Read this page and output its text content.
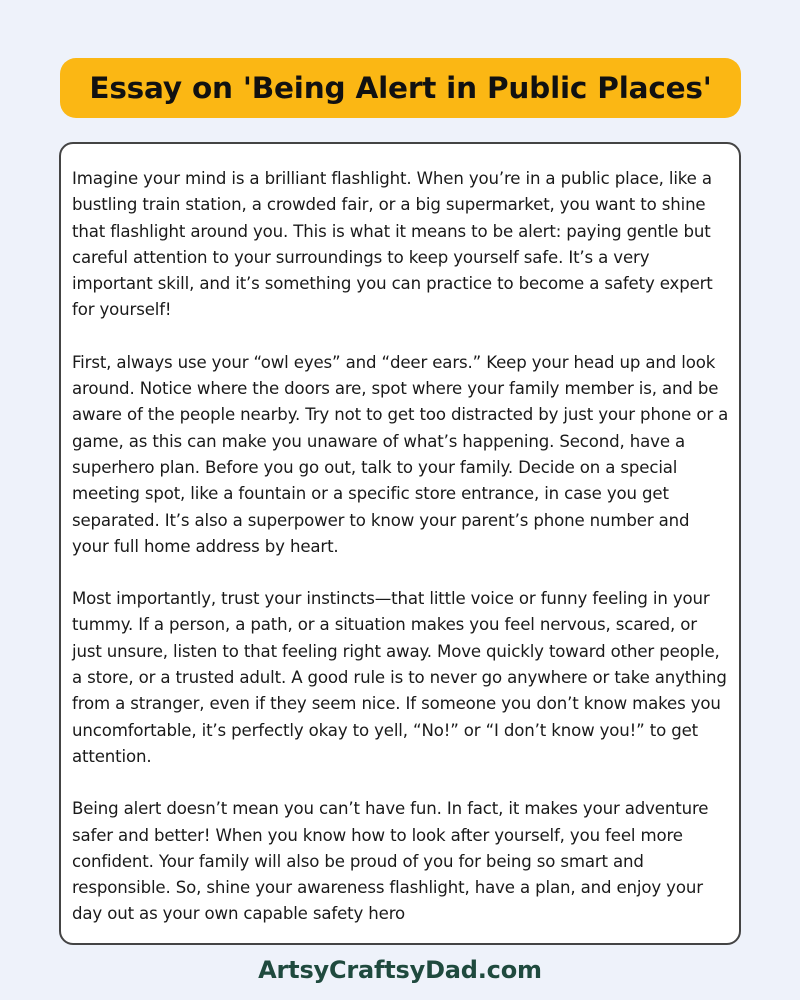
Essay on 'Being Alert in Public Places'

Imagine your mind is a brilliant flashlight. When you’re in a public place, like a bustling train station, a crowded fair, or a big supermarket, you want to shine that flashlight around you. This is what it means to be alert: paying gentle but careful attention to your surroundings to keep yourself safe. It’s a very important skill, and it’s something you can practice to become a safety expert for yourself!

First, always use your “owl eyes” and “deer ears.” Keep your head up and look around. Notice where the doors are, spot where your family member is, and be aware of the people nearby. Try not to get too distracted by just your phone or a game, as this can make you unaware of what’s happening. Second, have a superhero plan. Before you go out, talk to your family. Decide on a special meeting spot, like a fountain or a specific store entrance, in case you get separated. It’s also a superpower to know your parent’s phone number and your full home address by heart.

Most importantly, trust your instincts—that little voice or funny feeling in your tummy. If a person, a path, or a situation makes you feel nervous, scared, or just unsure, listen to that feeling right away. Move quickly toward other people, a store, or a trusted adult. A good rule is to never go anywhere or take anything from a stranger, even if they seem nice. If someone you don’t know makes you uncomfortable, it’s perfectly okay to yell, “No!” or “I don’t know you!” to get attention.

Being alert doesn’t mean you can’t have fun. In fact, it makes your adventure safer and better! When you know how to look after yourself, you feel more confident. Your family will also be proud of you for being so smart and responsible. So, shine your awareness flashlight, have a plan, and enjoy your day out as your own capable safety hero

ArtsyCraftsyDad.com
